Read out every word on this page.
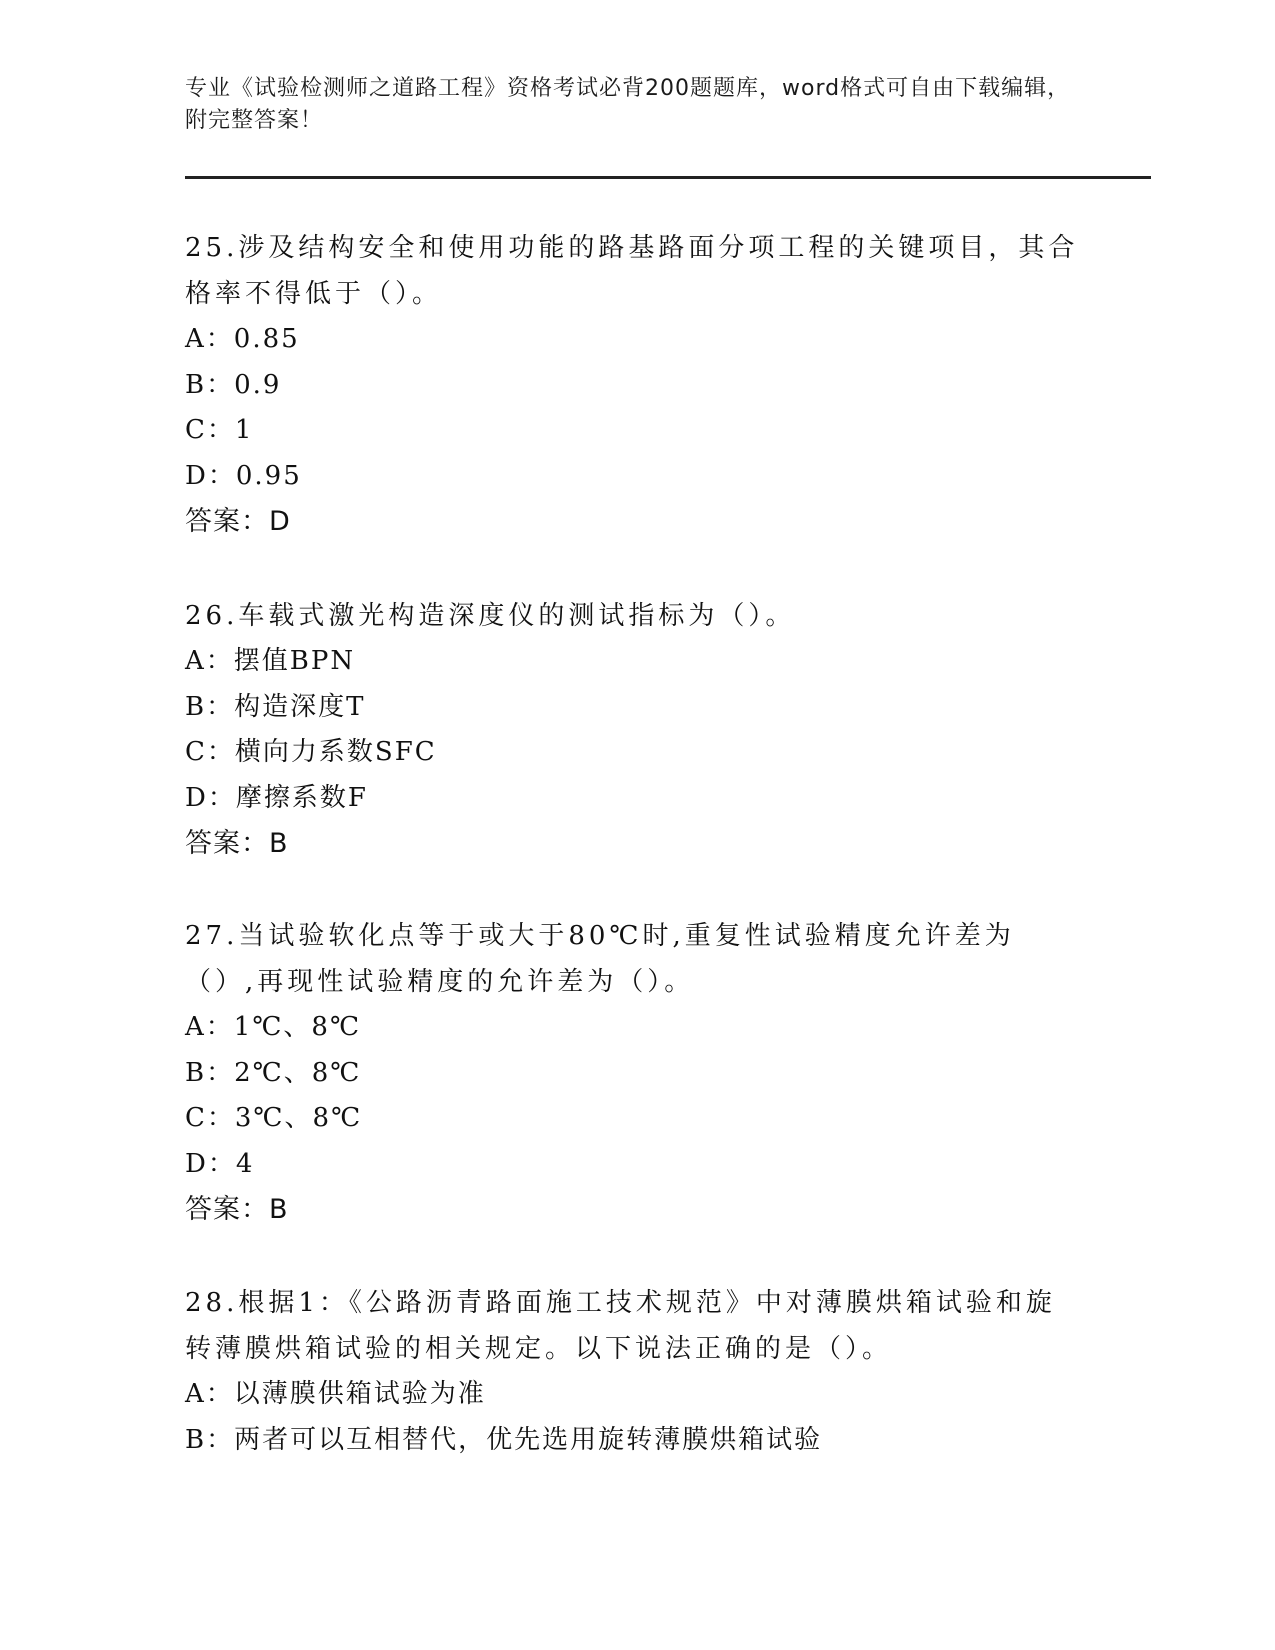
专业《试验检测师之道路工程》资格考试必背200题题库，word格式可自由下载编辑，附完整答案！

25.涉及结构安全和使用功能的路基路面分项工程的关键项目，其合格率不得低于（）。

A：0.85

B：0.9

C：1

D：0.95

答案：D

26.车载式激光构造深度仪的测试指标为（）。

A：摆值BPN

B：构造深度T

C：横向力系数SFC

D：摩擦系数F

答案：B

27.当试验软化点等于或大于80℃时,重复性试验精度允许差为（）,再现性试验精度的允许差为（）。

A：1℃、8℃

B：2℃、8℃

C：3℃、8℃

D：4

答案：B

28.根据1：《公路沥青路面施工技术规范》中对薄膜烘箱试验和旋转薄膜烘箱试验的相关规定。以下说法正确的是（）。

A：以薄膜供箱试验为准

B：两者可以互相替代，优先选用旋转薄膜烘箱试验
